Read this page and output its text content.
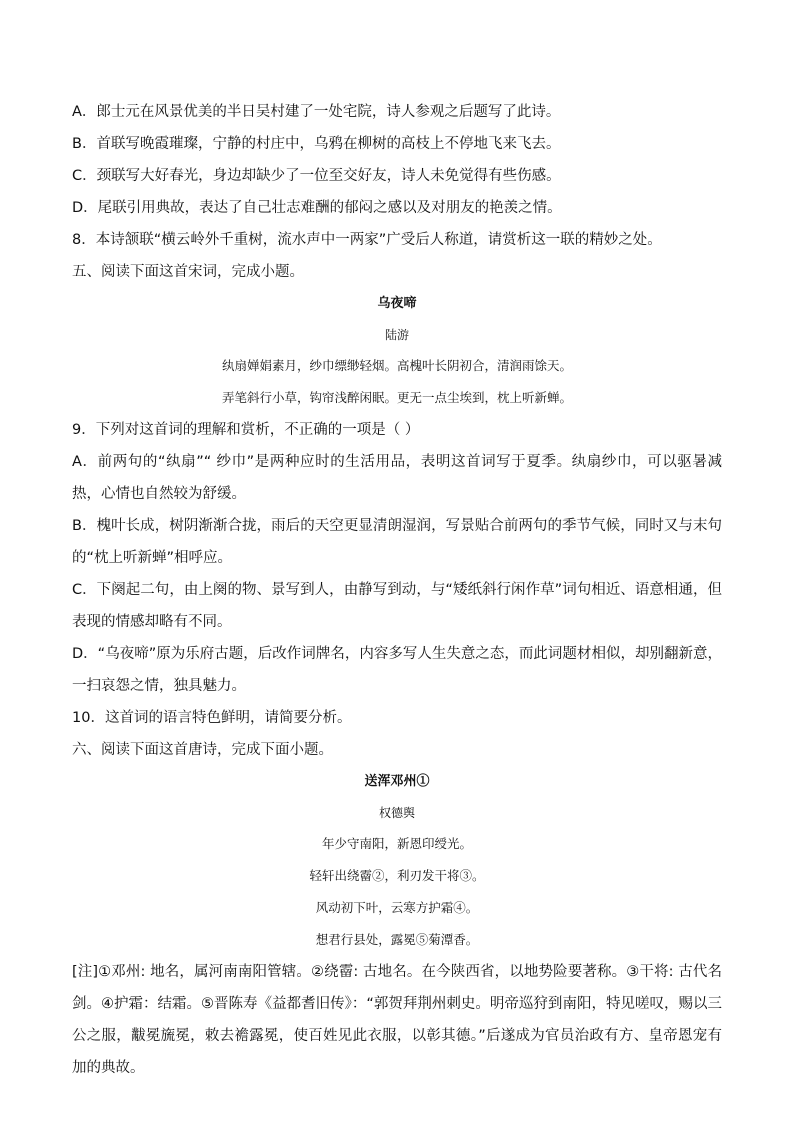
A．郎士元在风景优美的半日吴村建了一处宅院，诗人参观之后题写了此诗。

B．首联写晚霞璀璨，宁静的村庄中，乌鸦在柳树的高枝上不停地飞来飞去。

C．颈联写大好春光，身边却缺少了一位至交好友，诗人未免觉得有些伤感。

D．尾联引用典故，表达了自己壮志难酬的郁闷之感以及对朋友的艳羡之情。

8．本诗颔联“横云岭外千重树，流水声中一两家”广受后人称道，请赏析这一联的精妙之处。

五、阅读下面这首宋词，完成小题。

乌夜啼

陆游

纨扇婵娟素月，纱巾缥缈轻烟。高槐叶长阴初合，清润雨馀天。

弄笔斜行小草，钩帘浅醉闲眠。更无一点尘埃到，枕上听新蝉。

9．下列对这首词的理解和赏析，不正确的一项是（ ）

A．前两句的“纨扇”“ 纱巾”是两种应时的生活用品，表明这首词写于夏季。纨扇纱巾，可以驱暑减热，心情也自然较为舒缓。

B．槐叶长成，树阴渐渐合拢，雨后的天空更显清朗湿润，写景贴合前两句的季节气候，同时又与末句的“枕上听新蝉”相呼应。

C．下阕起二句，由上阕的物、景写到人，由静写到动，与“矮纸斜行闲作草”词句相近、语意相通，但表现的情感却略有不同。

D．“乌夜啼”原为乐府古题，后改作词牌名，内容多写人生失意之态，而此词题材相似，却别翻新意，一扫哀怨之情，独具魅力。

10．这首词的语言特色鲜明，请简要分析。

六、阅读下面这首唐诗，完成下面小题。

送浑邓州①

权德舆

年少守南阳，新恩印绶光。

轻轩出绕霤②，利刃发干将③。

风动初下叶，云寒方护霜④。

想君行县处，露冕⑤菊潭香。

[注]①邓州: 地名，属河南南阳管辖。②绕霤: 古地名。在今陕西省，以地势险要著称。③干将: 古代名剑。④护霜：结霜。⑤晋陈寿《益都耆旧传》：“郭贺拜荆州刺史。明帝巡狩到南阳，特见嗟叹，赐以三公之服，黻冕旒冕，敕去襜露冕，使百姓见此衣服，以彰其德。”后遂成为官员治政有方、皇帝恩宠有加的典故。
